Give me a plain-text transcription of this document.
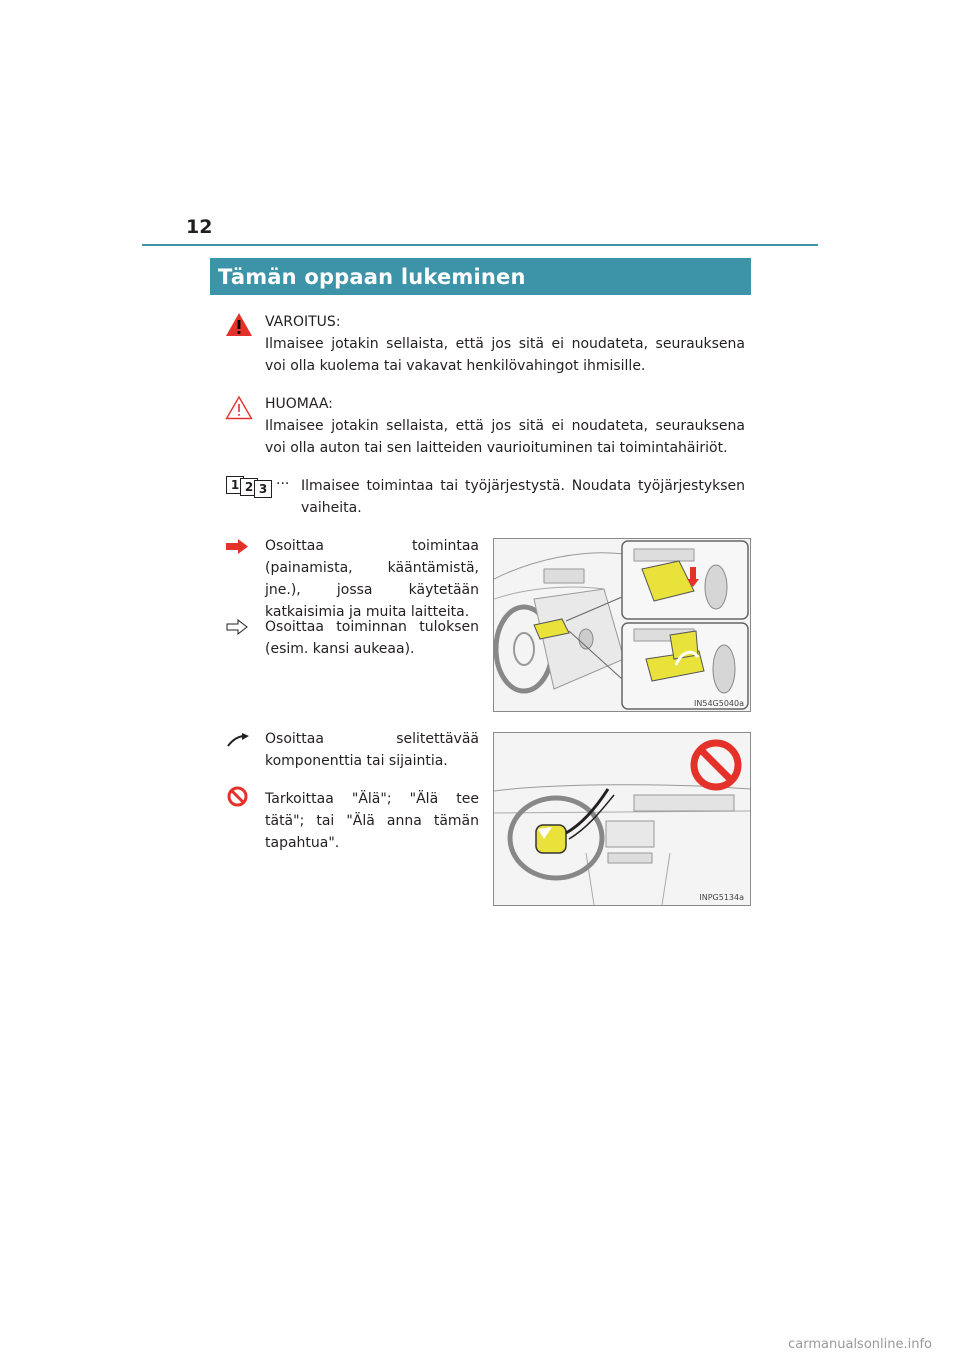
12
Tämän oppaan lukeminen
VAROITUS:
Ilmaisee jotakin sellaista, että jos sitä ei noudateta, seurauksena voi olla kuolema tai vakavat henkilövahingot ihmisille.
HUOMAA:
Ilmaisee jotakin sellaista, että jos sitä ei noudateta, seurauksena voi olla auton tai sen laitteiden vaurioituminen tai toimintahäiriöt.
1 2 3 ··· Ilmaisee toimintaa tai työjärjestystä. Noudata työjärjestyksen vaiheita.
Osoittaa toimintaa (painamista, kääntämistä, jne.), jossa käytetään katkaisimia ja muita laitteita.
Osoittaa toiminnan tuloksen (esim. kansi aukeaa).
IN54G5040a
Osoittaa selitettävää komponenttia tai sijaintia.
Tarkoittaa "Älä"; "Älä tee tätä"; tai "Älä anna tämän tapahtua".
INPG5134a
carmanualsonline.info
